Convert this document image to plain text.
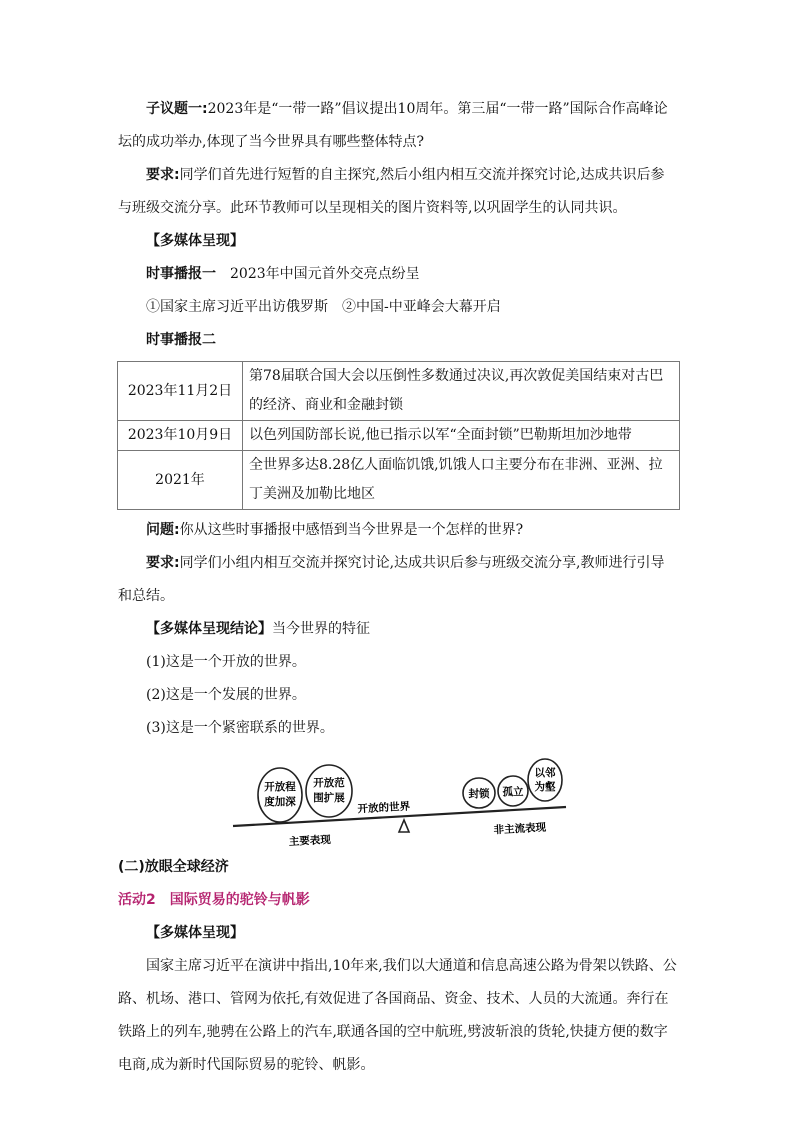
子议题一:2023年是“一带一路”倡议提出10周年。第三届“一带一路”国际合作高峰论坛的成功举办,体现了当今世界具有哪些整体特点?

要求:同学们首先进行短暂的自主探究,然后小组内相互交流并探究讨论,达成共识后参与班级交流分享。此环节教师可以呈现相关的图片资料等,以巩固学生的认同共识。

【多媒体呈现】

时事播报一 2023年中国元首外交亮点纷呈

①国家主席习近平出访俄罗斯 ②中国-中亚峰会大幕开启

时事播报二

2023年11月2日	第78届联合国大会以压倒性多数通过决议,再次敦促美国结束对古巴的经济、商业和金融封锁
2023年10月9日	以色列国防部长说,他已指示以军“全面封锁”巴勒斯坦加沙地带
2021年	全世界多达8.28亿人面临饥饿,饥饿人口主要分布在非洲、亚洲、拉丁美洲及加勒比地区

问题:你从这些时事播报中感悟到当今世界是一个怎样的世界?

要求:同学们小组内相互交流并探究讨论,达成共识后参与班级交流分享,教师进行引导和总结。

【多媒体呈现结论】当今世界的特征

(1)这是一个开放的世界。

(2)这是一个发展的世界。

(3)这是一个紧密联系的世界。

开放程
度加深
开放范
围扩展	封锁 孤立
以邻
为壑
开放的世界
主要表现
非主流表现

(二)放眼全球经济

活动2 国际贸易的驼铃与帆影

【多媒体呈现】

国家主席习近平在演讲中指出,10年来,我们以大通道和信息高速公路为骨架以铁路、公路、机场、港口、管网为依托,有效促进了各国商品、资金、技术、人员的大流通。奔行在铁路上的列车,驰骋在公路上的汽车,联通各国的空中航班,劈波斩浪的货轮,快捷方便的数字电商,成为新时代国际贸易的驼铃、帆影。
